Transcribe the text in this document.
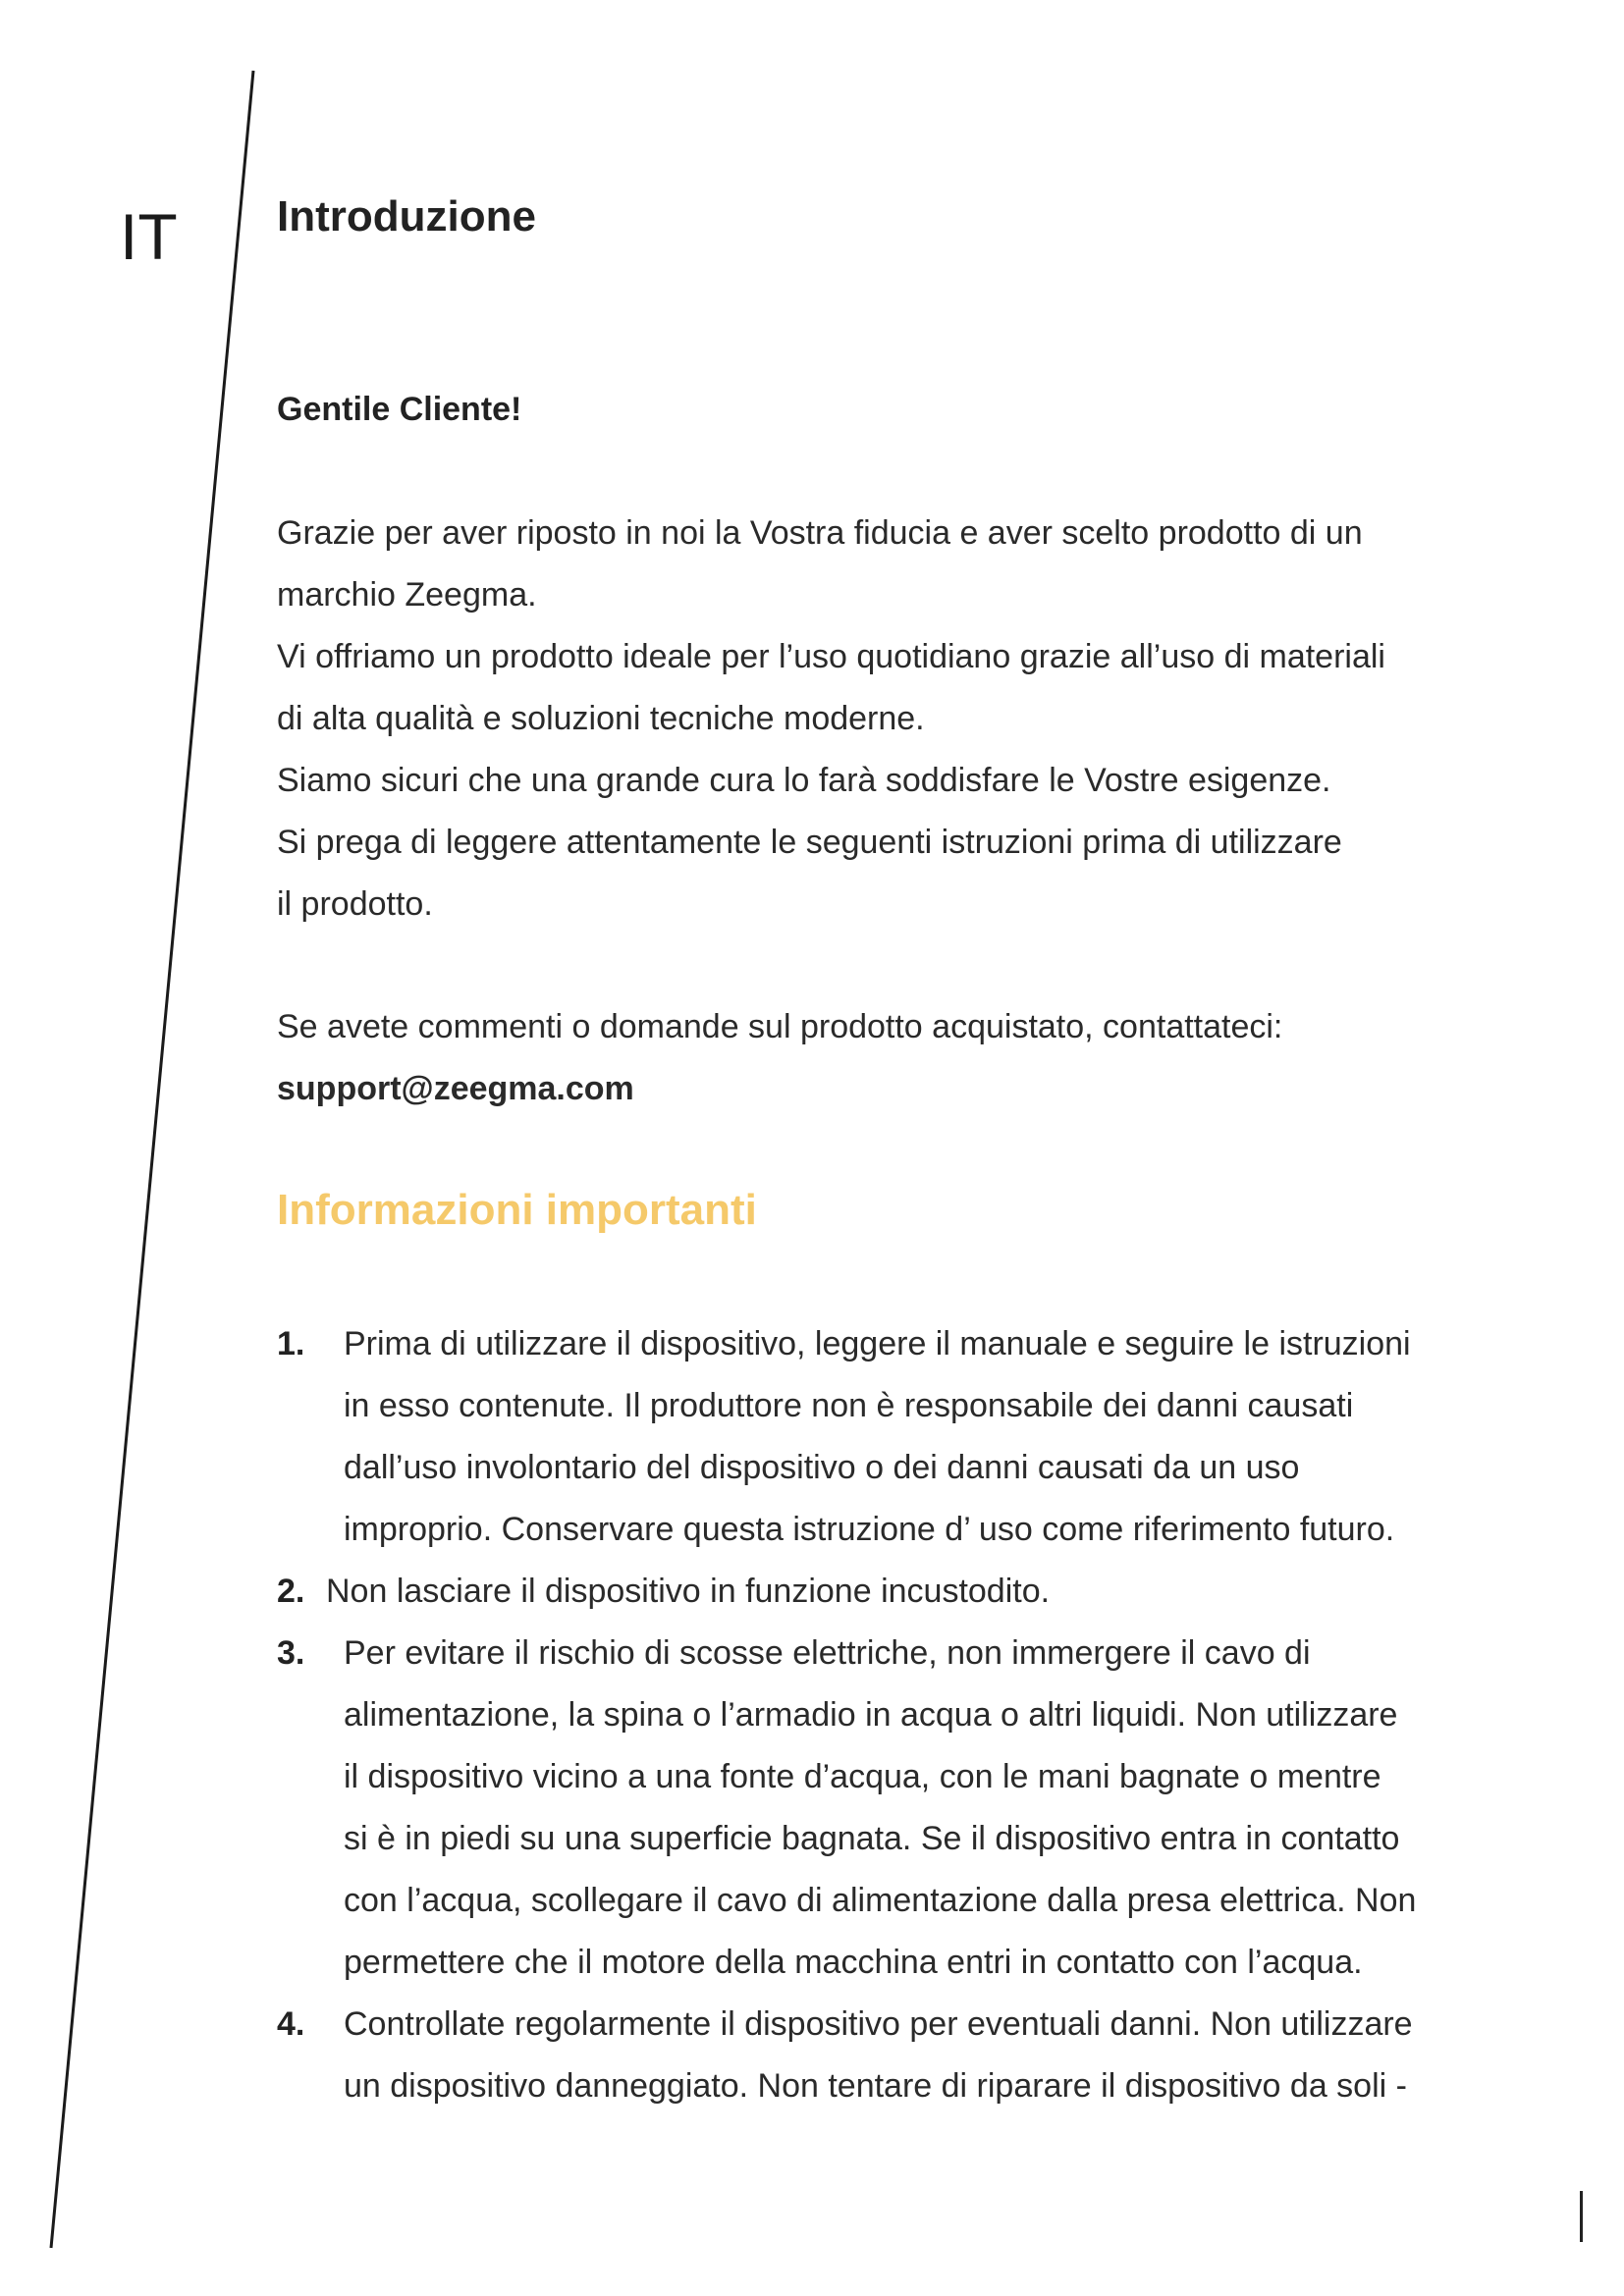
IT Introduzione

Gentile Cliente!

Grazie per aver riposto in noi la Vostra fiducia e aver scelto prodotto di un
marchio Zeegma.
Vi offriamo un prodotto ideale per l’uso quotidiano grazie all’uso di materiali
di alta qualità e soluzioni tecniche moderne.
Siamo sicuri che una grande cura lo farà soddisfare le Vostre esigenze.
Si prega di leggere attentamente le seguenti istruzioni prima di utilizzare
il prodotto.

Se avete commenti o domande sul prodotto acquistato, contattateci:
support@zeegma.com

Informazioni importanti
1. Prima di utilizzare il dispositivo, leggere il manuale e seguire le istruzioni
in esso contenute. Il produttore non è responsabile dei danni causati
dall’uso involontario del dispositivo o dei danni causati da un uso
improprio. Conservare questa istruzione d’ uso come riferimento futuro.
2. Non lasciare il dispositivo in funzione incustodito.
3. Per evitare il rischio di scosse elettriche, non immergere il cavo di
alimentazione, la spina o l’armadio in acqua o altri liquidi. Non utilizzare
il dispositivo vicino a una fonte d’acqua, con le mani bagnate o mentre
si è in piedi su una superficie bagnata. Se il dispositivo entra in contatto
con l’acqua, scollegare il cavo di alimentazione dalla presa elettrica. Non
permettere che il motore della macchina entri in contatto con l’acqua.
4. Controllate regolarmente il dispositivo per eventuali danni. Non utilizzare
un dispositivo danneggiato. Non tentare di riparare il dispositivo da soli -
